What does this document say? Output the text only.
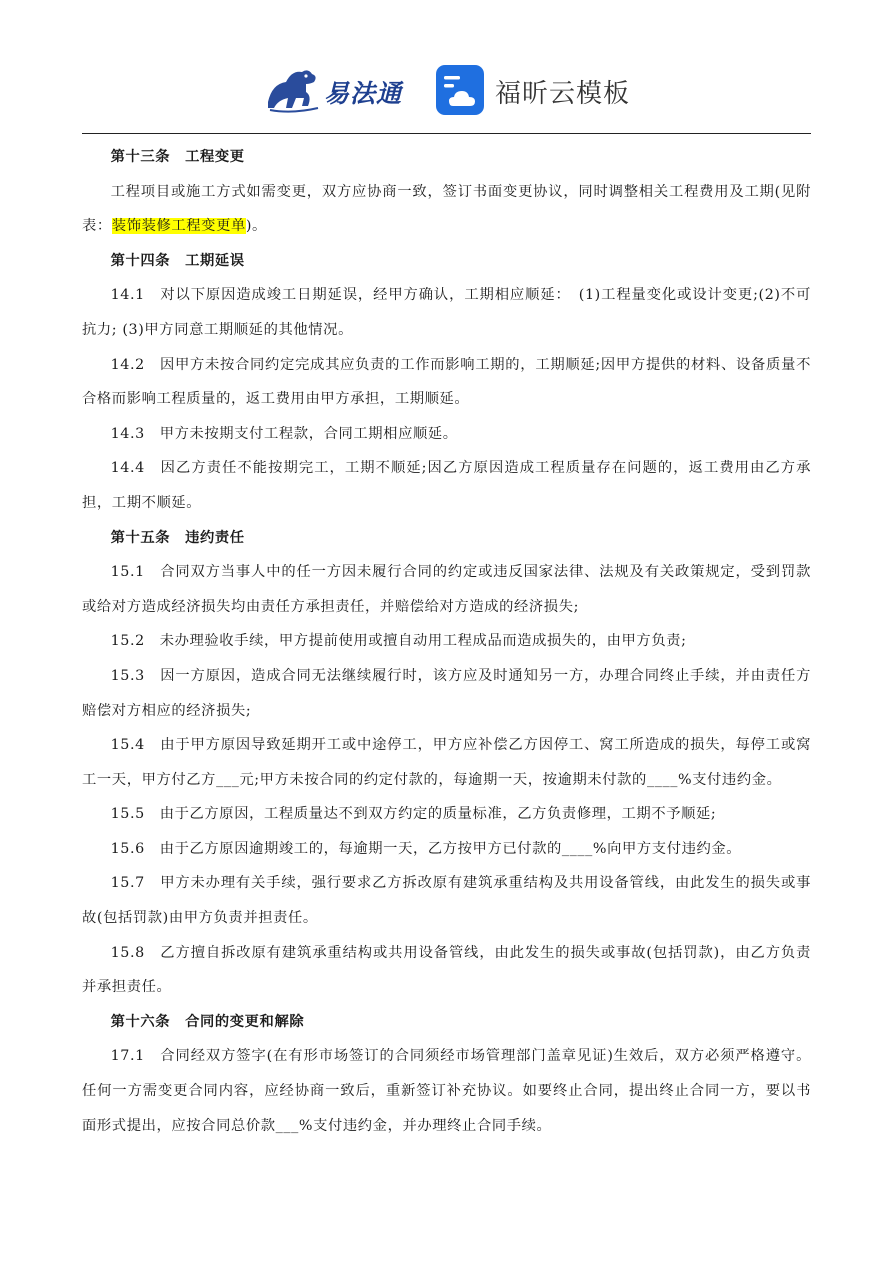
易法通	福昕云模板

第十三条　工程变更

工程项目或施工方式如需变更，双方应协商一致，签订书面变更协议，同时调整相关工程费用及工期(见附表：装饰装修工程变更单)。

第十四条　工期延误

14.1　对以下原因造成竣工日期延误，经甲方确认，工期相应顺延：　(1)工程量变化或设计变更;(2)不可抗力; (3)甲方同意工期顺延的其他情况。

14.2　因甲方未按合同约定完成其应负责的工作而影响工期的，工期顺延;因甲方提供的材料、设备质量不合格而影响工程质量的，返工费用由甲方承担，工期顺延。

14.3　甲方未按期支付工程款，合同工期相应顺延。

14.4　因乙方责任不能按期完工，工期不顺延;因乙方原因造成工程质量存在问题的，返工费用由乙方承担，工期不顺延。

第十五条　违约责任

15.1　合同双方当事人中的任一方因未履行合同的约定或违反国家法律、法规及有关政策规定，受到罚款或给对方造成经济损失均由责任方承担责任，并赔偿给对方造成的经济损失;

15.2　未办理验收手续，甲方提前使用或擅自动用工程成品而造成损失的，由甲方负责;

15.3　因一方原因，造成合同无法继续履行时，该方应及时通知另一方，办理合同终止手续，并由责任方赔偿对方相应的经济损失;

15.4　由于甲方原因导致延期开工或中途停工，甲方应补偿乙方因停工、窝工所造成的损失，每停工或窝工一天，甲方付乙方___元;甲方未按合同的约定付款的，每逾期一天，按逾期未付款的____%支付违约金。

15.5　由于乙方原因，工程质量达不到双方约定的质量标准，乙方负责修理，工期不予顺延;

15.6　由于乙方原因逾期竣工的，每逾期一天，乙方按甲方已付款的____%向甲方支付违约金。

15.7　甲方未办理有关手续，强行要求乙方拆改原有建筑承重结构及共用设备管线，由此发生的损失或事故(包括罚款)由甲方负责并担责任。

15.8　乙方擅自拆改原有建筑承重结构或共用设备管线，由此发生的损失或事故(包括罚款)，由乙方负责并承担责任。

第十六条　合同的变更和解除

17.1　合同经双方签字(在有形市场签订的合同须经市场管理部门盖章见证)生效后，双方必须严格遵守。任何一方需变更合同内容，应经协商一致后，重新签订补充协议。如要终止合同，提出终止合同一方，要以书面形式提出，应按合同总价款___%支付违约金，并办理终止合同手续。
